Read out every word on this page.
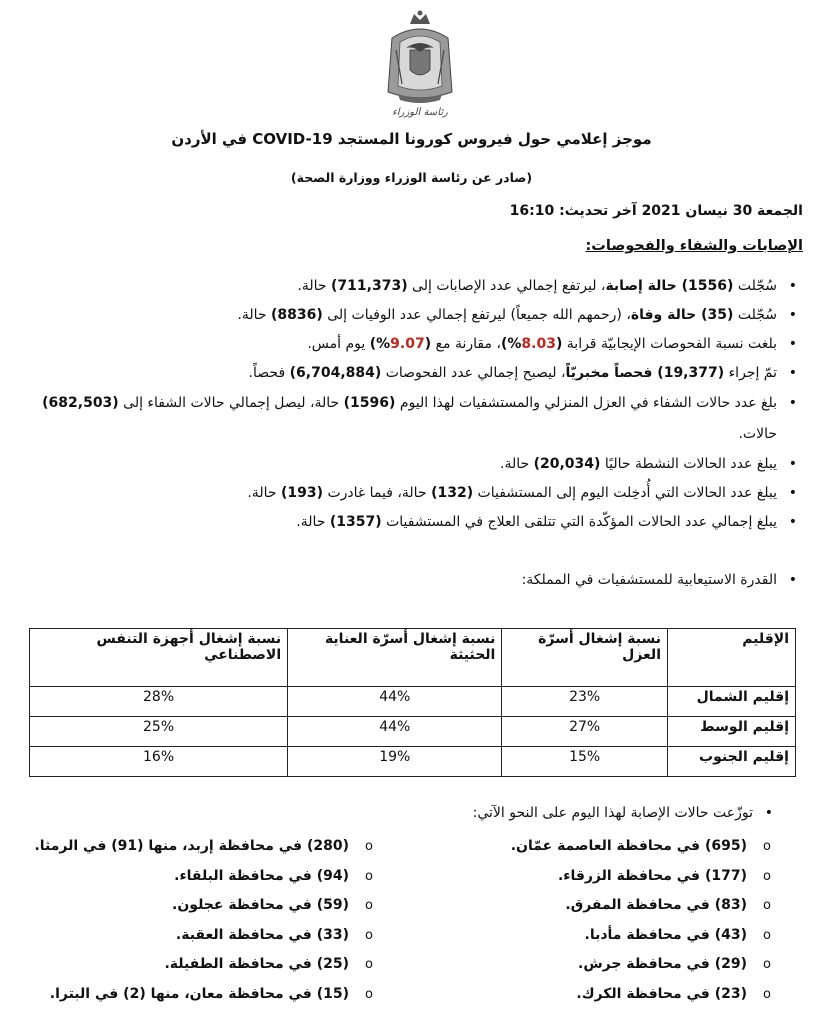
رئاسة الوزراء
موجز إعلامي حول فيروس كورونا المستجد COVID-19 في الأردن
(صادر عن رئاسة الوزراء ووزارة الصحة)
الجمعة 30 نيسان 2021 آخر تحديث: 16:10
الإصابات والشفاء والفحوصات:
• سُجّلت (1556) حالة إصابة، ليرتفع إجمالي عدد الإصابات إلى (711,373) حالة.
• سُجّلت (35) حالة وفاة، (رحمهم الله جميعاً) ليرتفع إجمالي عدد الوفيات إلى (8836) حالة.
• بلغت نسبة الفحوصات الإيجابيّة قرابة (8.03%)، مقارنة مع (9.07%) يوم أمس.
• تمّ إجراء (19,377) فحصاً مخبريّاً، ليصبح إجمالي عدد الفحوصات (6,704,884) فحصاً.
• بلغ عدد حالات الشفاء في العزل المنزلي والمستشفيات لهذا اليوم (1596) حالة، ليصل إجمالي حالات الشفاء إلى (682,503) حالات.
• يبلغ عدد الحالات النشطة حاليًا (20,034) حالة.
• يبلغ عدد الحالات التي أُدخِلت اليوم إلى المستشفيات (132) حالة، فيما غادرت (193) حالة.
• يبلغ إجمالي عدد الحالات المؤكّدة التي تتلقى العلاج في المستشفيات (1357) حالة.
• القدرة الاستيعابية للمستشفيات في المملكة:
الإقليم	نسبة إشغال أسرّة العزل	نسبة إشغال أسرّة العناية الحثيثة	نسبة إشغال أجهزة التنفس الاصطناعي
إقليم الشمال	23%	44%	28%
إقليم الوسط	27%	44%	25%
إقليم الجنوب	15%	19%	16%
• توزّعت حالات الإصابة لهذا اليوم على النحو الآتي:
o (695) في محافظة العاصمة عمّان.
o (177) في محافظة الزرقاء.
o (83) في محافظة المفرق.
o (43) في محافظة مأدبا.
o (29) في محافظة جرش.
o (23) في محافظة الكرك.
o (280) في محافظة إربد، منها (91) في الرمثا.
o (94) في محافظة البلقاء.
o (59) في محافظة عجلون.
o (33) في محافظة العقبة.
o (25) في محافظة الطفيلة.
o (15) في محافظة معان، منها (2) في البترا.
